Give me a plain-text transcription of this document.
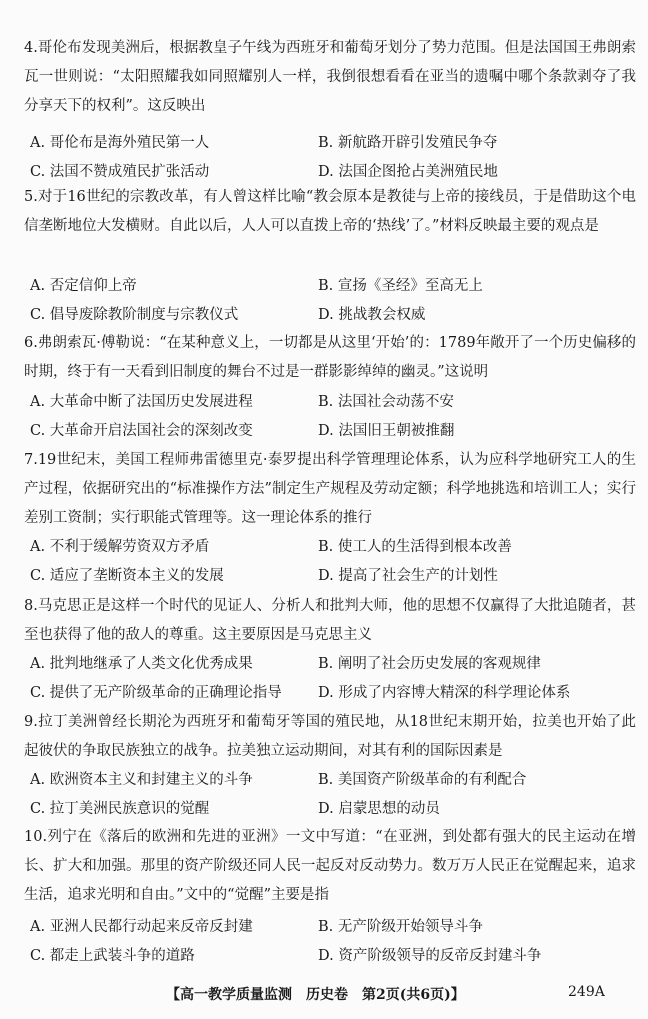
4.哥伦布发现美洲后，根据教皇子午线为西班牙和葡萄牙划分了势力范围。但是法国国王弗朗索瓦一世则说：“太阳照耀我如同照耀别人一样，我倒很想看看在亚当的遗嘱中哪个条款剥夺了我分享天下的权利”。这反映出
A. 哥伦布是海外殖民第一人	B. 新航路开辟引发殖民争夺
C. 法国不赞成殖民扩张活动	D. 法国企图抢占美洲殖民地
5.对于16世纪的宗教改革，有人曾这样比喻“教会原本是教徒与上帝的接线员，于是借助这个电信垄断地位大发横财。自此以后，人人可以直拨上帝的‘热线’了。”材料反映最主要的观点是
A. 否定信仰上帝	B. 宣扬《圣经》至高无上
C. 倡导废除教阶制度与宗教仪式	D. 挑战教会权威
6.弗朗索瓦·傅勒说：“在某种意义上，一切都是从这里‘开始’的：1789年敞开了一个历史偏移的时期，终于有一天看到旧制度的舞台不过是一群影影绰绰的幽灵。”这说明
A. 大革命中断了法国历史发展进程	B. 法国社会动荡不安
C. 大革命开启法国社会的深刻改变	D. 法国旧王朝被推翻
7.19世纪末，美国工程师弗雷德里克·泰罗提出科学管理理论体系，认为应科学地研究工人的生产过程，依据研究出的“标准操作方法”制定生产规程及劳动定额；科学地挑选和培训工人；实行差别工资制；实行职能式管理等。这一理论体系的推行
A. 不利于缓解劳资双方矛盾	B. 使工人的生活得到根本改善
C. 适应了垄断资本主义的发展	D. 提高了社会生产的计划性
8.马克思正是这样一个时代的见证人、分析人和批判大师，他的思想不仅赢得了大批追随者，甚至也获得了他的敌人的尊重。这主要原因是马克思主义
A. 批判地继承了人类文化优秀成果	B. 阐明了社会历史发展的客观规律
C. 提供了无产阶级革命的正确理论指导 D. 形成了内容博大精深的科学理论体系
9.拉丁美洲曾经长期沦为西班牙和葡萄牙等国的殖民地，从18世纪末期开始，拉美也开始了此起彼伏的争取民族独立的战争。拉美独立运动期间，对其有利的国际因素是
A. 欧洲资本主义和封建主义的斗争	B. 美国资产阶级革命的有利配合
C. 拉丁美洲民族意识的觉醒	D. 启蒙思想的动员
10.列宁在《落后的欧洲和先进的亚洲》一文中写道：“在亚洲，到处都有强大的民主运动在增长、扩大和加强。那里的资产阶级还同人民一起反对反动势力。数万万人民正在觉醒起来，追求生活，追求光明和自由。”文中的“觉醒”主要是指
A. 亚洲人民都行动起来反帝反封建	B. 无产阶级开始领导斗争
C. 都走上武装斗争的道路	D. 资产阶级领导的反帝反封建斗争
【高一教学质量监测　历史卷　第2页(共6页)】	249A
